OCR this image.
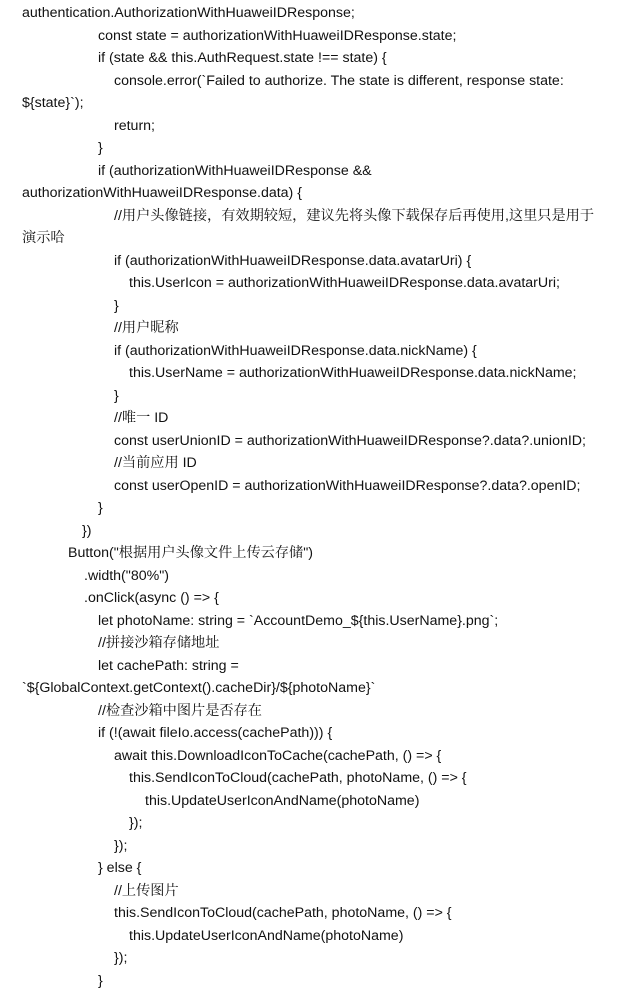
authentication.AuthorizationWithHuaweiIDResponse;
const state = authorizationWithHuaweiIDResponse.state;
if (state && this.AuthRequest.state !== state) {
console.error(`Failed to authorize. The state is different, response state:
${state}`);
return;
}
if (authorizationWithHuaweiIDResponse &&
authorizationWithHuaweiIDResponse.data) {
//用户头像链接，有效期较短，建议先将头像下载保存后再使用,这里只是用于
演示哈
if (authorizationWithHuaweiIDResponse.data.avatarUri) {
this.UserIcon = authorizationWithHuaweiIDResponse.data.avatarUri;
}
//用户昵称
if (authorizationWithHuaweiIDResponse.data.nickName) {
this.UserName = authorizationWithHuaweiIDResponse.data.nickName;
}
//唯一 ID
const userUnionID = authorizationWithHuaweiIDResponse?.data?.unionID;
//当前应用 ID
const userOpenID = authorizationWithHuaweiIDResponse?.data?.openID;
}
})
Button("根据用户头像文件上传云存储")
.width("80%")
.onClick(async () => {
let photoName: string = `AccountDemo_${this.UserName}.png`;
//拼接沙箱存储地址
let cachePath: string =
`${GlobalContext.getContext().cacheDir}/${photoName}`
//检查沙箱中图片是否存在
if (!(await fileIo.access(cachePath))) {
await this.DownloadIconToCache(cachePath, () => {
this.SendIconToCloud(cachePath, photoName, () => {
this.UpdateUserIconAndName(photoName)
});
});
} else {
//上传图片
this.SendIconToCloud(cachePath, photoName, () => {
this.UpdateUserIconAndName(photoName)
});
}
